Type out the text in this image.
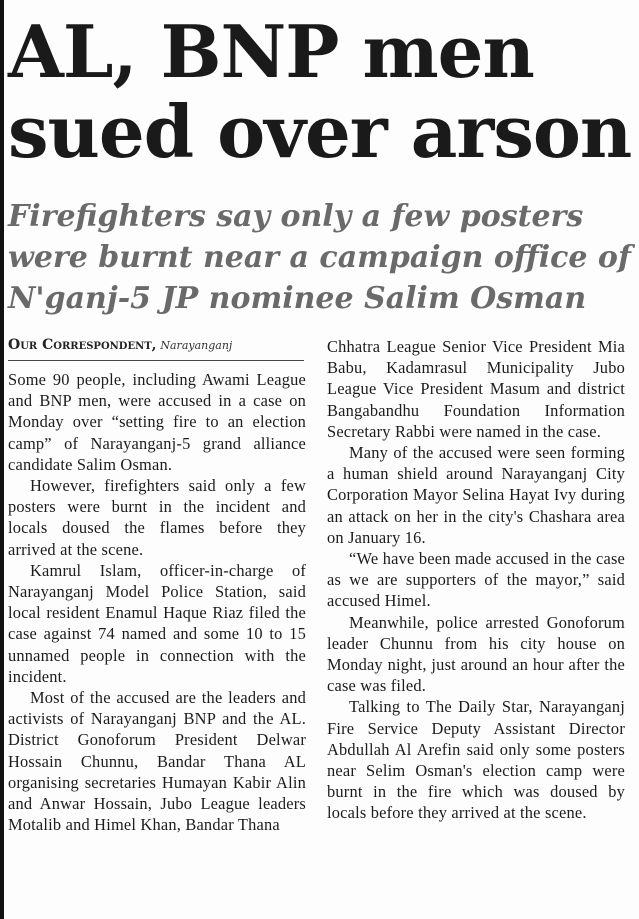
AL, BNP men
sued over arson
Firefighters say only a few posters
were burnt near a campaign office of
N'ganj-5 JP nominee Salim Osman
Our Correspondent, Narayanganj

Some 90 people, including Awami League and BNP men, were accused in a case on Monday over “setting fire to an election camp” of Narayanganj-5 grand alliance candidate Salim Osman.

However, firefighters said only a few posters were burnt in the incident and locals doused the flames before they arrived at the scene.

Kamrul Islam, officer-in-charge of Narayanganj Model Police Station, said local resident Enamul Haque Riaz filed the case against 74 named and some 10 to 15 unnamed people in connection with the incident.

Most of the accused are the leaders and activists of Narayanganj BNP and the AL. District Gonoforum President Delwar Hossain Chunnu, Bandar Thana AL organising secretaries Humayan Kabir Alin and Anwar Hossain, Jubo League leaders Motalib and Himel Khan, Bandar Thana

Chhatra League Senior Vice President Mia Babu, Kadamrasul Municipality Jubo League Vice President Masum and district Bangabandhu Foundation Information Secretary Rabbi were named in the case.

Many of the accused were seen forming a human shield around Narayanganj City Corporation Mayor Selina Hayat Ivy during an attack on her in the city's Chashara area on January 16.

“We have been made accused in the case as we are supporters of the mayor,” said accused Himel.

Meanwhile, police arrested Gonoforum leader Chunnu from his city house on Monday night, just around an hour after the case was filed.

Talking to The Daily Star, Narayanganj Fire Service Deputy Assistant Director Abdullah Al Arefin said only some posters near Selim Osman's election camp were burnt in the fire which was doused by locals before they arrived at the scene.
